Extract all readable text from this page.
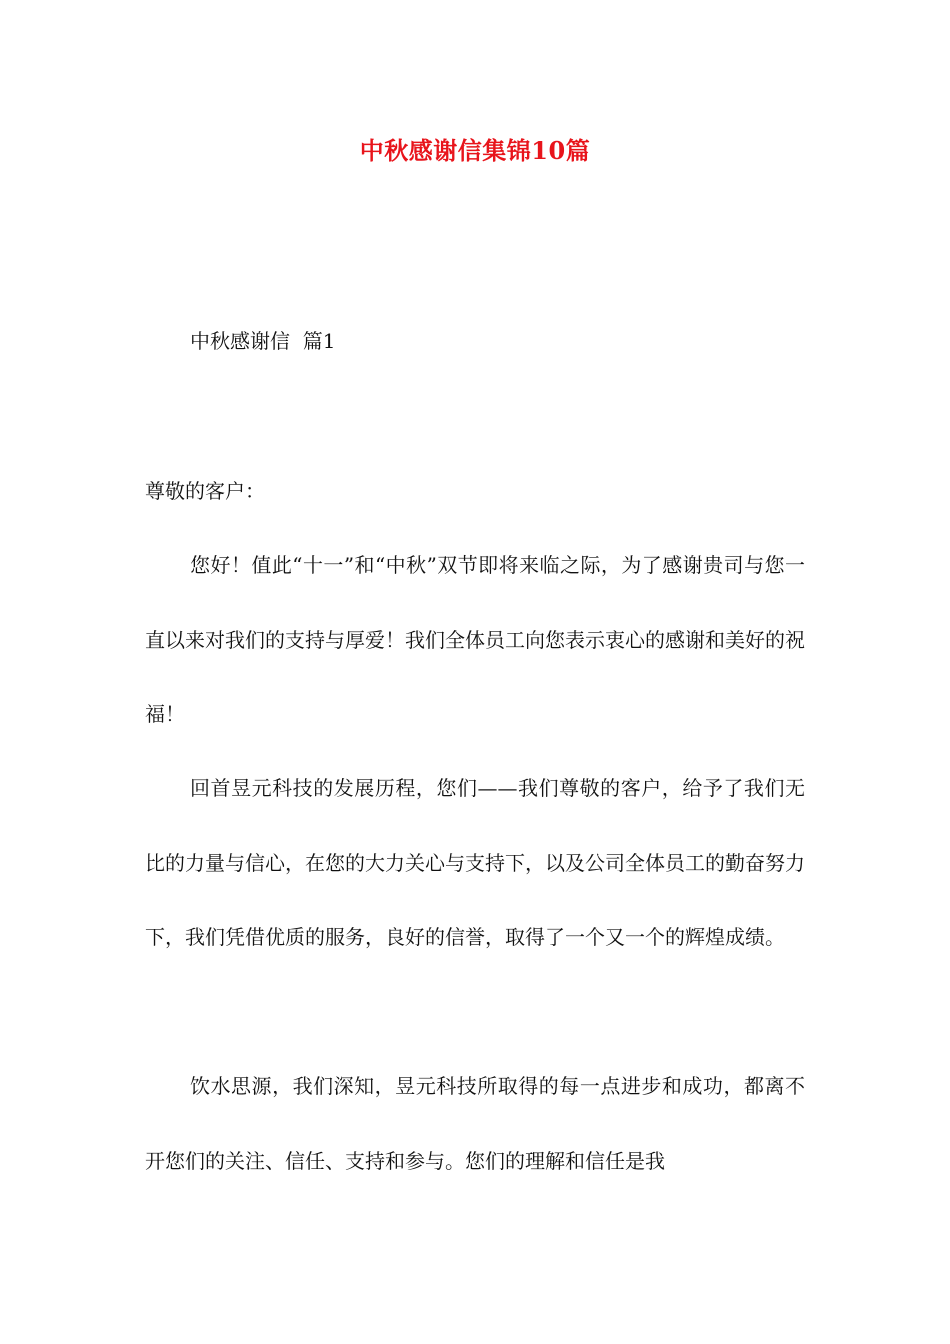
中秋感谢信集锦10篇
中秋感谢信  篇1
尊敬的客户：

您好！值此“十一”和“中秋”双节即将来临之际，为了感谢贵司与您一直以来对我们的支持与厚爱！我们全体员工向您表示衷心的感谢和美好的祝福！

回首昱元科技的发展历程，您们——我们尊敬的客户，给予了我们无比的力量与信心，在您的大力关心与支持下，以及公司全体员工的勤奋努力下，我们凭借优质的服务，良好的信誉，取得了一个又一个的辉煌成绩。

饮水思源，我们深知，昱元科技所取得的每一点进步和成功，都离不开您们的关注、信任、支持和参与。您们的理解和信任是我
